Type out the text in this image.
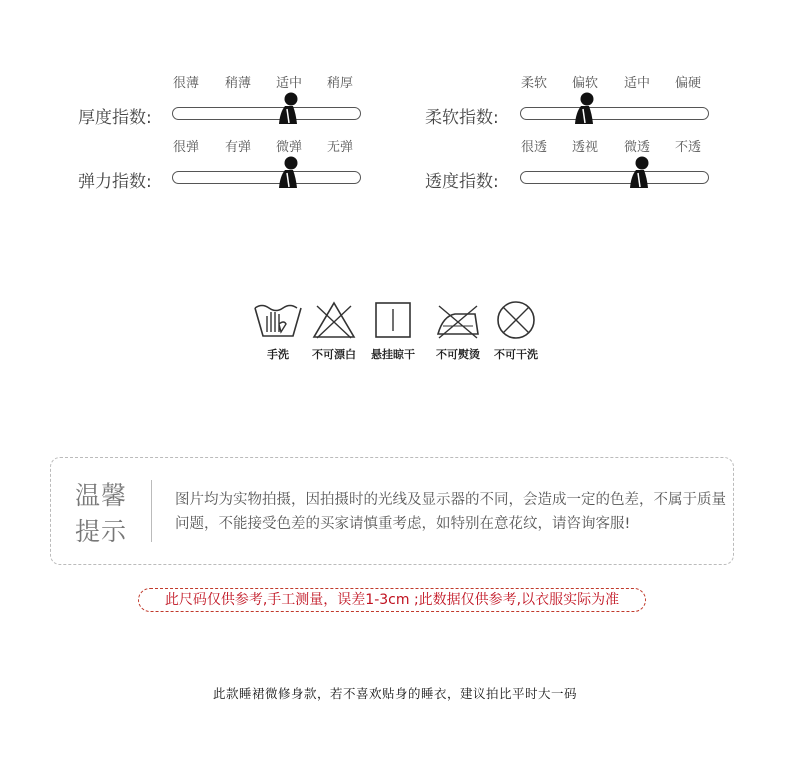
很薄 稍薄 适中 稍厚
厚度指数:
柔软 偏软 适中 偏硬
柔软指数:
很弹 有弹 微弹 无弹
弹力指数:
很透 透视 微透 不透
透度指数:
手洗	不可漂白	悬挂晾干	不可熨烫	不可干洗
温馨
提示
图片均为实物拍摄，因拍摄时的光线及显示器的不同，会造成一定的色差，不属于质量问题，不能接受色差的买家请慎重考虑，如特别在意花纹，请咨询客服!
此尺码仅供参考,手工测量，误差1-3cm ;此数据仅供参考,以衣服实际为准
此款睡裙微修身款，若不喜欢贴身的睡衣，建议拍比平时大一码
